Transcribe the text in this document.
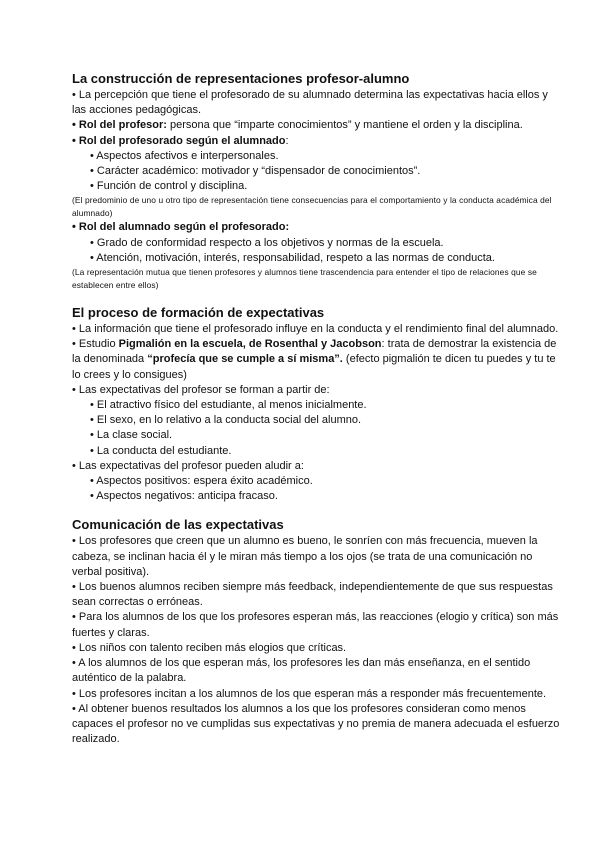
La construcción de representaciones profesor-alumno

• La percepción que tiene el profesorado de su alumnado determina las expectativas hacia ellos y las acciones pedagógicas.

• Rol del profesor: persona que “imparte conocimientos” y mantiene el orden y la disciplina.

• Rol del profesorado según el alumnado:

• Aspectos afectivos e interpersonales.

• Carácter académico: motivador y “dispensador de conocimientos”.

• Función de control y disciplina.

(El predominio de uno u otro tipo de representación tiene consecuencias para el comportamiento y la conducta académica del alumnado)

• Rol del alumnado según el profesorado:

• Grado de conformidad respecto a los objetivos y normas de la escuela.

• Atención, motivación, interés, responsabilidad, respeto a las normas de conducta.

(La representación mutua que tienen profesores y alumnos tiene trascendencia para entender el tipo de relaciones que se establecen entre ellos)

El proceso de formación de expectativas

• La información que tiene el profesorado influye en la conducta y el rendimiento final del alumnado.

• Estudio Pigmalión en la escuela, de Rosenthal y Jacobson: trata de demostrar la existencia de la denominada “profecía que se cumple a sí misma”. (efecto pigmalión te dicen tu puedes y tu te lo crees y lo consigues)

• Las expectativas del profesor se forman a partir de:

• El atractivo físico del estudiante, al menos inicialmente.

• El sexo, en lo relativo a la conducta social del alumno.

• La clase social.

• La conducta del estudiante.

• Las expectativas del profesor pueden aludir a:

• Aspectos positivos: espera éxito académico.

• Aspectos negativos: anticipa fracaso.

Comunicación de las expectativas

• Los profesores que creen que un alumno es bueno, le sonríen con más frecuencia, mueven la cabeza, se inclinan hacia él y le miran más tiempo a los ojos (se trata de una comunicación no verbal positiva).

• Los buenos alumnos reciben siempre más feedback, independientemente de que sus respuestas sean correctas o erróneas.

• Para los alumnos de los que los profesores esperan más, las reacciones (elogio y crítica) son más fuertes y claras.

• Los niños con talento reciben más elogios que críticas.

• A los alumnos de los que esperan más, los profesores les dan más enseñanza, en el sentido auténtico de la palabra.

• Los profesores incitan a los alumnos de los que esperan más a responder más frecuentemente.

• Al obtener buenos resultados los alumnos a los que los profesores consideran como menos capaces el profesor no ve cumplidas sus expectativas y no premia de manera adecuada el esfuerzo realizado.
